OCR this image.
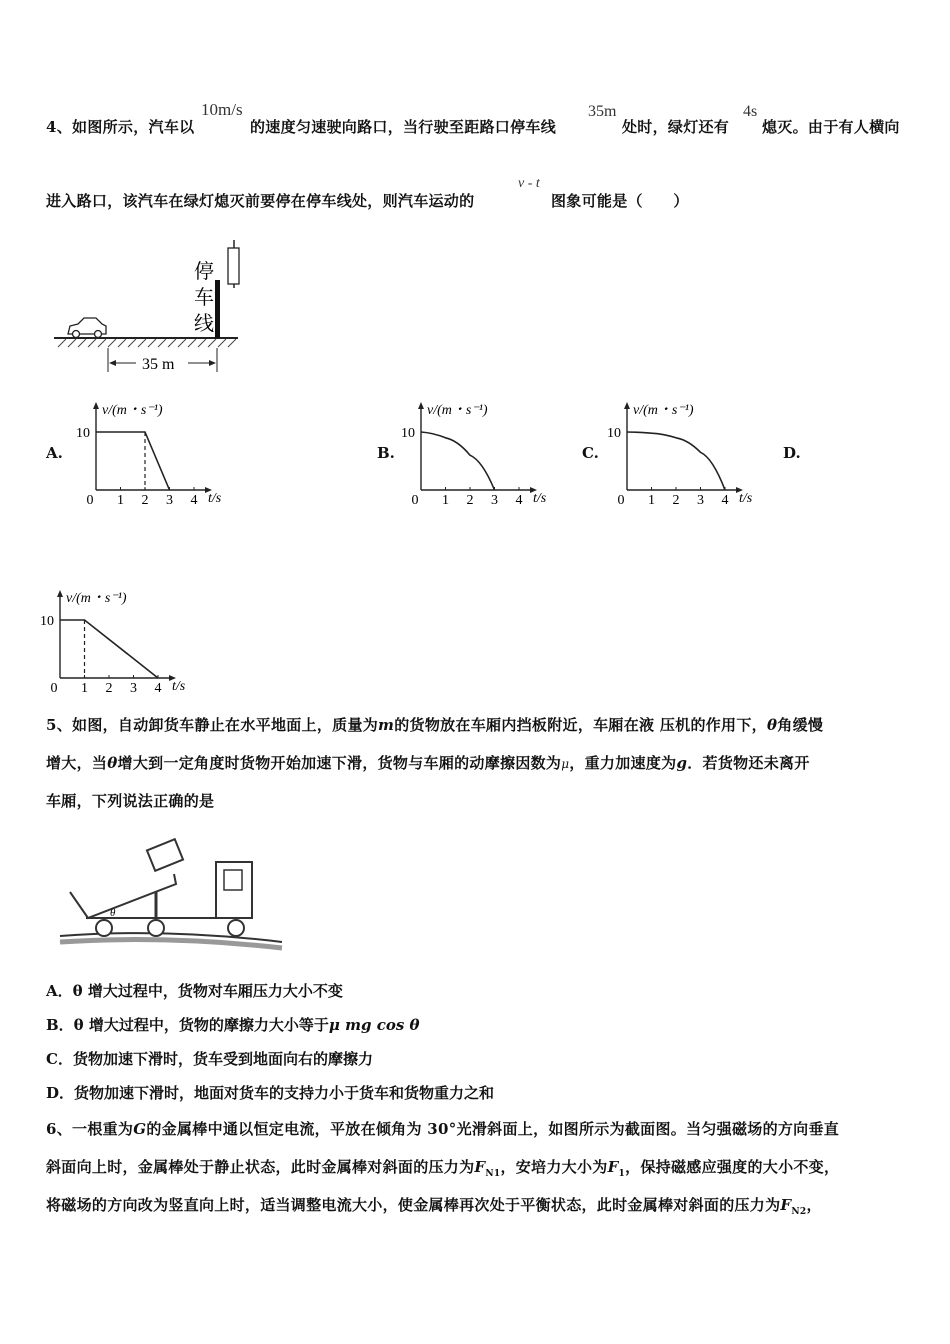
4、如图所示，汽车以
10m/s
的速度匀速驶向路口，当行驶至距路口停车线
35m
处时，绿灯还有
4s
熄灭。由于有人横向
进入路口，该汽车在绿灯熄灭前要停在停车线处，则汽车运动的
v - t
图象可能是（　　）
停
车
线
35 m
A.	B.	C.	D.
v/(m・s⁻¹)
t/s
10
0 1 2 3 4
v/(m・s⁻¹)
t/s
10
0 1 2 3 4
v/(m・s⁻¹)
t/s
10
0 1 2 3 4
v/(m・s⁻¹)
t/s
10
0 1 2 3 4
5、如图，自动卸货车静止在水平地面上，质量为m的货物放在车厢内挡板附近，车厢在液 压机的作用下，θ角缓慢
增大，当θ增大到一定角度时货物开始加速下滑，货物与车厢的动摩擦因数为μ，重力加速度为g．若货物还未离开
车厢，下列说法正确的是
θ
A．θ 增大过程中，货物对车厢压力大小不变
B．θ 增大过程中，货物的摩擦力大小等于μ mg cos θ
C．货物加速下滑时，货车受到地面向右的摩擦力
D．货物加速下滑时，地面对货车的支持力小于货车和货物重力之和
6、一根重为G的金属棒中通以恒定电流，平放在倾角为 30°光滑斜面上，如图所示为截面图。当匀强磁场的方向垂直
斜面向上时，金属棒处于静止状态，此时金属棒对斜面的压力为$F_{N1}$，安培力大小为$F_1$，保持磁感应强度的大小不变，
将磁场的方向改为竖直向上时，适当调整电流大小，使金属棒再次处于平衡状态，此时金属棒对斜面的压力为$F_{N2}$，
